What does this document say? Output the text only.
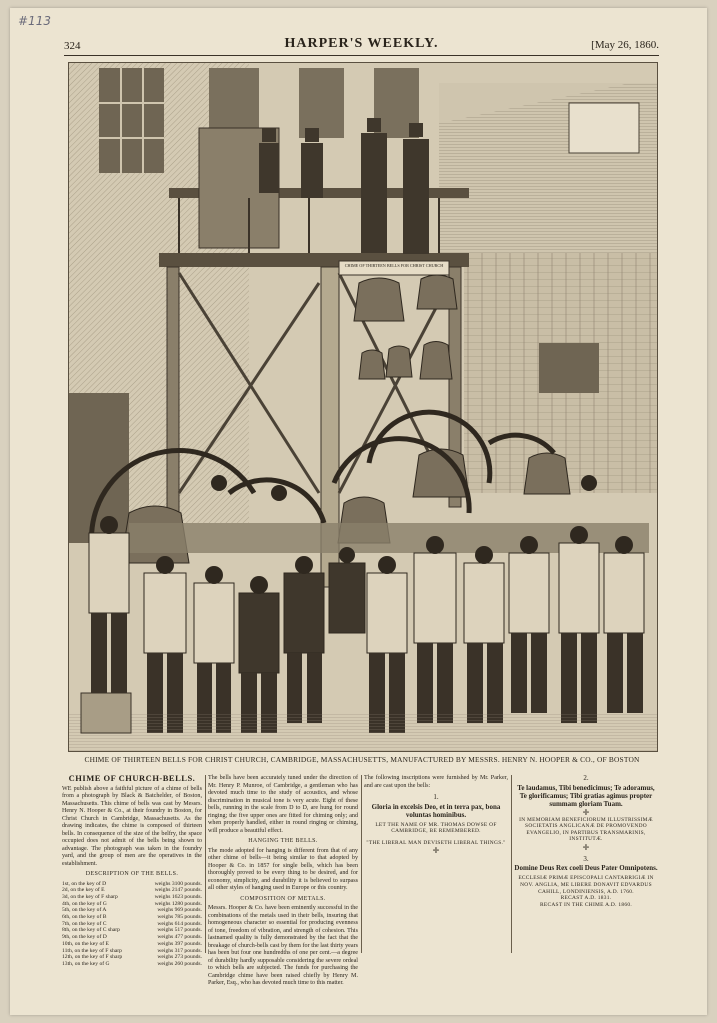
#113
324	HARPER'S WEEKLY.	[May 26, 1860.
CHIME OF THIRTEEN BELLS FOR CHRIST CHURCH
CHIME OF THIRTEEN BELLS FOR CHRIST CHURCH, CAMBRIDGE, MASSACHUSETTS, MANUFACTURED BY MESSRS. HENRY N. HOOPER & CO., OF BOSTON
CHIME OF CHURCH-BELLS.

WE publish above a faithful picture of a chime of bells from a photograph by Black & Batchelder, of Boston, Massachusetts. This chime of bells was cast by Messrs. Henry N. Hooper & Co., at their foundry in Boston, for Christ Church in Cambridge, Massachusetts. As the drawing indicates, the chime is composed of thirteen bells. In consequence of the size of the belfry, the space occupied does not admit of the bells being shown to advantage. The photograph was taken in the foundry yard, and the group of men are the operatives in the establishment.

DESCRIPTION OF THE BELLS.
1st, on the key of D	weighs 3100 pounds.
2d, on the key of E	weighs 2147 pounds.
3d, on the key of F sharp	weighs 1623 pounds.
4th, on the key of G	weighs 1280 pounds.
5th, on the key of A	weighs 969 pounds.
6th, on the key of B	weighs 785 pounds.
7th, on the key of C	weighs 614 pounds.
8th, on the key of C sharp	weighs 517 pounds.
9th, on the key of D	weighs 477 pounds.
10th, on the key of E	weighs 397 pounds.
11th, on the key of F sharp	weighs 317 pounds.
12th, on the key of F sharp	weighs 273 pounds.
13th, on the key of G	weighs 260 pounds.

The bells have been accurately tuned under the direction of Mr. Henry P. Munroe, of Cambridge, a gentleman who has devoted much time to the study of acoustics, and whose discrimination in musical tone is very acute. Eight of these bells, running in the scale from D to D, are hung for round ringing; the five upper ones are fitted for chiming only; and when properly handled, either in round ringing or chiming, will produce a beautiful effect.

HANGING THE BELLS.

The mode adopted for hanging is different from that of any other chime of bells—it being similar to that adopted by Hooper & Co. in 1857 for single bells, which has been thoroughly proved to be every thing to be desired, and for economy, simplicity, and durability it is believed to surpass all other styles of hanging used in Europe or this country.

COMPOSITION OF METALS.

Messrs. Hooper & Co. have been eminently successful in the combinations of the metals used in their bells, insuring that homogeneous character so essential for producing evenness of tone, freedom of vibration, and strength of cohesion. This lastnamed quality is fully demonstrated by the fact that the breakage of church-bells cast by them for the last thirty years has been but four one hundredths of one per cent.—a degree of durability hardly supposable considering the severe ordeal to which bells are subjected. The funds for purchasing the Cambridge chime have been raised chiefly by Henry M. Parker, Esq., who has devoted much time to this matter.

The following inscriptions were furnished by Mr. Parker, and are cast upon the bells:

1.
Gloria in excelsis Deo, et in terra pax, bona voluntas hominibus.
LET THE NAME OF MR. THOMAS DOWSE OF CAMBRIDGE, BE REMEMBERED.
"THE LIBERAL MAN DEVISETH LIBERAL THINGS."
✛
2.
Te laudamus, Tibi benedicimus; Te adoramus, Te glorificamus; Tibi gratias agimus propter summam gloriam Tuam.
✛
IN MEMORIAM BENEFICIORUM ILLUSTRISSIMÆ SOCIETATIS ANGLICANÆ DE PROMOVENDO EVANGELIO, IN PARTIBUS TRANSMARINIS, INSTITUTÆ.
✛
3.
Domine Deus Rex coeli Deus Pater Omnipotens.
ECCLESIÆ PRIMÆ EPISCOPALI CANTABRIGIÆ IN NOV. ANGLIA, ME LIBERE DONAVIT EDVARDUS CAHILL, LONDINIENSIS, A.D. 1760.
RECAST A.D. 1831.
RECAST IN THE CHIME A.D. 1860.
